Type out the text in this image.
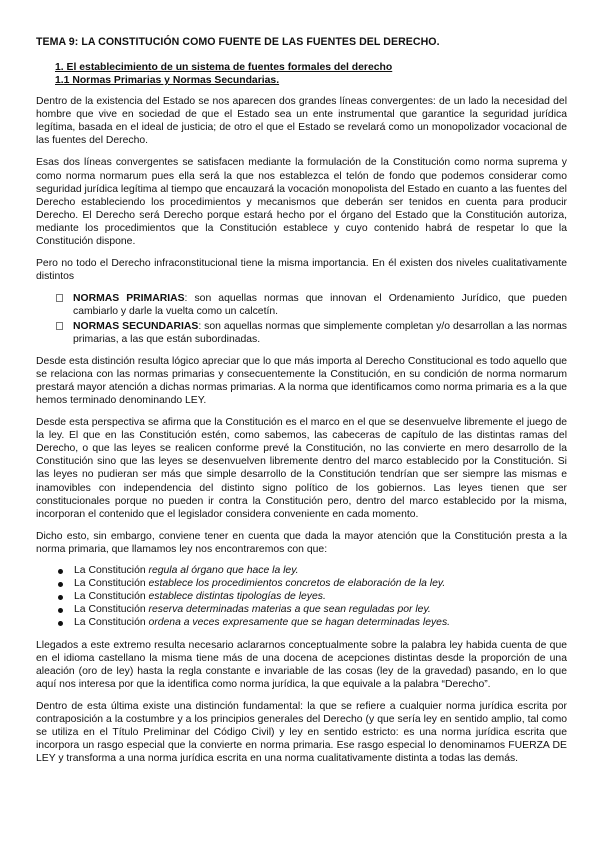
TEMA 9: LA CONSTITUCIÓN COMO FUENTE DE LAS FUENTES DEL DERECHO.
1. El establecimiento de un sistema de fuentes formales del derecho
1.1 Normas Primarias y Normas Secundarias.

Dentro de la existencia del Estado se nos aparecen dos grandes líneas convergentes: de un lado la necesidad del hombre que vive en sociedad de que el Estado sea un ente instrumental que garantice la seguridad jurídica legítima, basada en el ideal de justicia; de otro el que el Estado se revelará como un monopolizador vocacional de las fuentes del Derecho.

Esas dos líneas convergentes se satisfacen mediante la formulación de la Constitución como norma suprema y como norma normarum pues ella será la que nos establezca el telón de fondo que podemos considerar como seguridad jurídica legítima al tiempo que encauzará la vocación monopolista del Estado en cuanto a las fuentes del Derecho estableciendo los procedimientos y mecanismos que deberán ser tenidos en cuenta para producir Derecho. El Derecho será Derecho porque estará hecho por el órgano del Estado que la Constitución autoriza, mediante los procedimientos que la Constitución establece y cuyo contenido habrá de respetar lo que la Constitución dispone.

Pero no todo el Derecho infraconstitucional tiene la misma importancia. En él existen dos niveles cualitativamente distintos

NORMAS PRIMARIAS: son aquellas normas que innovan el Ordenamiento Jurídico, que pueden cambiarlo y darle la vuelta como un calcetín.
NORMAS SECUNDARIAS: son aquellas normas que simplemente completan y/o desarrollan a las normas primarias, a las que están subordinadas.

Desde esta distinción resulta lógico apreciar que lo que más importa al Derecho Constitucional es todo aquello que se relaciona con las normas primarias y consecuentemente la Constitución, en su condición de norma normarum prestará mayor atención a dichas normas primarias. A la norma que identificamos como norma primaria es a la que hemos terminado denominando LEY.

Desde esta perspectiva se afirma que la Constitución es el marco en el que se desenvuelve libremente el juego de la ley. El que en las Constitución estén, como sabemos, las cabeceras de capítulo de las distintas ramas del Derecho, o que las leyes se realicen conforme prevé la Constitución, no las convierte en mero desarrollo de la Constitución sino que las leyes se desenvuelven libremente dentro del marco establecido por la Constitución. Si las leyes no pudieran ser más que simple desarrollo de la Constitución tendrían que ser siempre las mismas e inamovibles con independencia del distinto signo político de los gobiernos. Las leyes tienen que ser constitucionales porque no pueden ir contra la Constitución pero, dentro del marco establecido por la misma, incorporan el contenido que el legislador considera conveniente en cada momento.

Dicho esto, sin embargo, conviene tener en cuenta que dada la mayor atención que la Constitución presta a la norma primaria, que llamamos ley nos encontraremos con que:

La Constitución regula al órgano que hace la ley.
La Constitución establece los procedimientos concretos de elaboración de la ley.
La Constitución establece distintas tipologías de leyes.
La Constitución reserva determinadas materias a que sean reguladas por ley.
La Constitución ordena a veces expresamente que se hagan determinadas leyes.

Llegados a este extremo resulta necesario aclararnos conceptualmente sobre la palabra ley habida cuenta de que en el idioma castellano la misma tiene más de una docena de acepciones distintas desde la proporción de una aleación (oro de ley) hasta la regla constante e invariable de las cosas (ley de la gravedad) pasando, en lo que aquí nos interesa por que la identifica como norma jurídica, la que equivale a la palabra “Derecho”.

Dentro de esta última existe una distinción fundamental: la que se refiere a cualquier norma jurídica escrita por contraposición a la costumbre y a los principios generales del Derecho (y que sería ley en sentido amplio, tal como se utiliza en el Título Preliminar del Código Civil) y ley en sentido estricto: es una norma jurídica escrita que incorpora un rasgo especial que la convierte en norma primaria. Ese rasgo especial lo denominamos FUERZA DE LEY y transforma a una norma jurídica escrita en una norma cualitativamente distinta a todas las demás.
